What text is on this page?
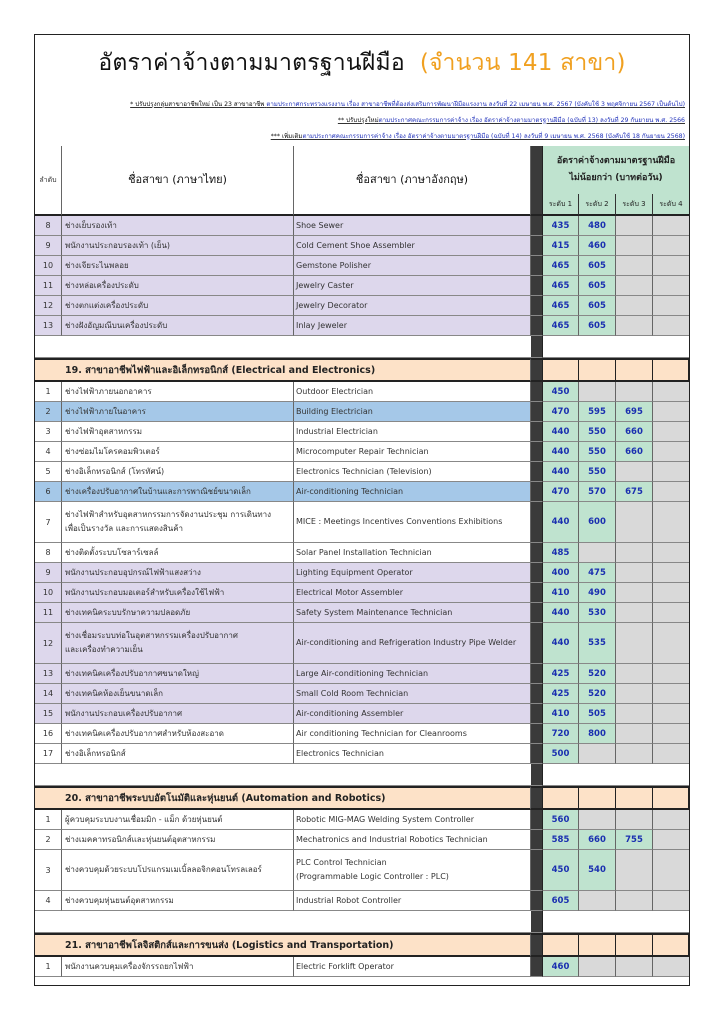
อัตราค่าจ้างตามมาตรฐานฝีมือ (จำนวน 141 สาขา)
* ปรับปรุงกลุ่มสาขาอาชีพใหม่ เป็น 23 สาขาอาชีพ ตามประกาศกระทรวงแรงงาน เรื่อง สาขาอาชีพที่ต้องส่งเสริมการพัฒนาฝีมือแรงงาน ลงวันที่ 22 เมษายน พ.ศ. 2567 (บังคับใช้ 3 พฤศจิกายน 2567 เป็นต้นไป)
** ปรับปรุงใหม่ตามประกาศคณะกรรมการค่าจ้าง เรื่อง อัตราค่าจ้างตามมาตรฐานฝีมือ (ฉบับที่ 13) ลงวันที่ 29 กันยายน พ.ศ. 2566
*** เพิ่มเติมตามประกาศคณะกรรมการค่าจ้าง เรื่อง อัตราค่าจ้างตามมาตรฐานฝีมือ (ฉบับที่ 14) ลงวันที่ 9 เมษายน พ.ศ. 2568 (บังคับใช้ 18 กันยายน 2568)
ลำดับ	ชื่อสาขา (ภาษาไทย)	ชื่อสาขา (ภาษาอังกฤษ)
อัตราค่าจ้างตามมาตรฐานฝีมือ
ไม่น้อยกว่า (บาทต่อวัน)
ระดับ 1	ระดับ 2	ระดับ 3	ระดับ 4
8	ช่างเย็บรองเท้า	Shoe Sewer	435	480
9	พนักงานประกอบรองเท้า (เย็น)	Cold Cement Shoe Assembler	415	460
10	ช่างเจียระไนพลอย	Gemstone Polisher	465	605
11	ช่างหล่อเครื่องประดับ	Jewelry Caster	465	605
12	ช่างตกแต่งเครื่องประดับ	Jewelry Decorator	465	605
13	ช่างฝังอัญมณีบนเครื่องประดับ	Inlay Jeweler	465	605
19. สาขาอาชีพไฟฟ้าและอิเล็กทรอนิกส์ (Electrical and Electronics)
1	ช่างไฟฟ้าภายนอกอาคาร	Outdoor Electrician	450
2	ช่างไฟฟ้าภายในอาคาร	Building Electrician	470	595	695
3	ช่างไฟฟ้าอุตสาหกรรม	Industrial Electrician	440	550	660
4	ช่างซ่อมไมโครคอมพิวเตอร์	Microcomputer Repair Technician	440	550	660
5	ช่างอิเล็กทรอนิกส์ (โทรทัศน์)	Electronics Technician (Television)	440	550
6	ช่างเครื่องปรับอากาศในบ้านและการพาณิชย์ขนาดเล็ก	Air-conditioning Technician	470	570	675
7
ช่างไฟฟ้าสำหรับอุตสาหกรรมการจัดงานประชุม การเดินทาง
เพื่อเป็นรางวัล และการแสดงสินค้า
MICE : Meetings Incentives Conventions Exhibitions	440	600
8	ช่างติดตั้งระบบโซลาร์เซลล์	Solar Panel Installation Technician	485
9	พนักงานประกอบอุปกรณ์ไฟฟ้าแสงสว่าง	Lighting Equipment Operator	400	475
10	พนักงานประกอบมอเตอร์สำหรับเครื่องใช้ไฟฟ้า	Electrical Motor Assembler	410	490
11	ช่างเทคนิคระบบรักษาความปลอดภัย	Safety System Maintenance Technician	440	530
12
ช่างเชื่อมระบบท่อในอุตสาหกรรมเครื่องปรับอากาศ
และเครื่องทำความเย็น
Air-conditioning and Refrigeration Industry Pipe Welder	440	535
13	ช่างเทคนิคเครื่องปรับอากาศขนาดใหญ่	Large Air-conditioning Technician	425	520
14	ช่างเทคนิคห้องเย็นขนาดเล็ก	Small Cold Room Technician	425	520
15	พนักงานประกอบเครื่องปรับอากาศ	Air-conditioning Assembler	410	505
16	ช่างเทคนิคเครื่องปรับอากาศสำหรับห้องสะอาด	Air conditioning Technician for Cleanrooms	720	800
17	ช่างอิเล็กทรอนิกส์	Electronics Technician	500
20. สาขาอาชีพระบบอัตโนมัติและหุ่นยนต์ (Automation and Robotics)
1	ผู้ควบคุมระบบงานเชื่อมมิก - แม็ก ด้วยหุ่นยนต์	Robotic MIG-MAG Welding System Controller	560
2	ช่างเมคคาทรอนิกส์และหุ่นยนต์อุตสาหกรรม	Mechatronics and Industrial Robotics Technician	585	660	755
3	ช่างควบคุมด้วยระบบโปรแกรมเมเบิ้ลลอจิกคอนโทรลเลอร์
PLC Control Technician
(Programmable Logic Controller : PLC)
450	540
4	ช่างควบคุมหุ่นยนต์อุตสาหกรรม	Industrial Robot Controller	605
21. สาขาอาชีพโลจิสติกส์และการขนส่ง (Logistics and Transportation)
1	พนักงานควบคุมเครื่องจักรรถยกไฟฟ้า	Electric Forklift Operator	460
